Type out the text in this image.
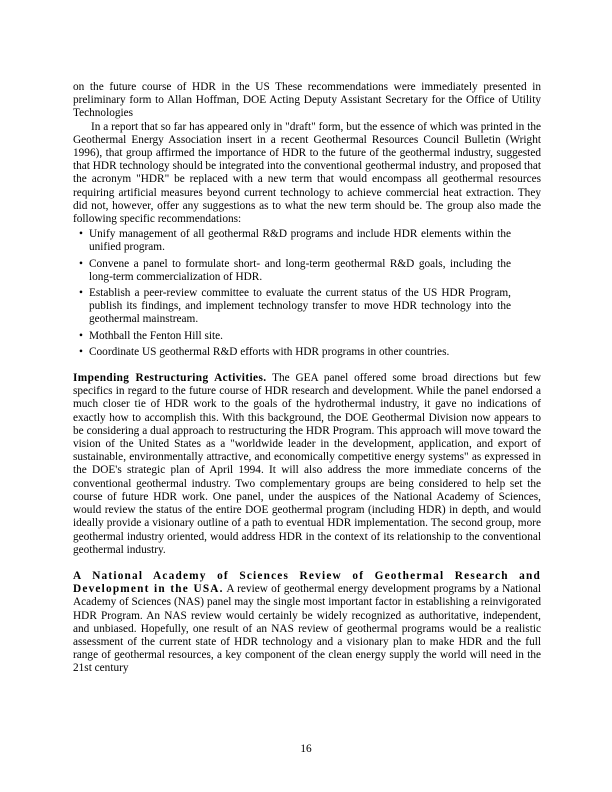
on the future course of HDR in the US These recommendations were immediately presented in preliminary form to Allan Hoffman, DOE Acting Deputy Assistant Secretary for the Office of Utility Technologies

In a report that so far has appeared only in "draft" form, but the essence of which was printed in the Geothermal Energy Association insert in a recent Geothermal Resources Council Bulletin (Wright 1996), that group affirmed the importance of HDR to the future of the geothermal industry, suggested that HDR technology should be integrated into the conventional geothermal industry, and proposed that the acronym "HDR" be replaced with a new term that would encompass all geothermal resources requiring artificial measures beyond current technology to achieve commercial heat extraction. They did not, however, offer any suggestions as to what the new term should be. The group also made the following specific recommendations:

• Unify management of all geothermal R&D programs and include HDR elements within the unified program.
• Convene a panel to formulate short- and long-term geothermal R&D goals, including the long-term commercialization of HDR.
• Establish a peer-review committee to evaluate the current status of the US HDR Program, publish its findings, and implement technology transfer to move HDR technology into the geothermal mainstream.
• Mothball the Fenton Hill site.
• Coordinate US geothermal R&D efforts with HDR programs in other countries.

Impending Restructuring Activities. The GEA panel offered some broad directions but few specifics in regard to the future course of HDR research and development. While the panel endorsed a much closer tie of HDR work to the goals of the hydrothermal industry, it gave no indications of exactly how to accomplish this. With this background, the DOE Geothermal Division now appears to be considering a dual approach to restructuring the HDR Program. This approach will move toward the vision of the United States as a "worldwide leader in the development, application, and export of sustainable, environmentally attractive, and economically competitive energy systems" as expressed in the DOE's strategic plan of April 1994. It will also address the more immediate concerns of the conventional geothermal industry. Two complementary groups are being considered to help set the course of future HDR work. One panel, under the auspices of the National Academy of Sciences, would review the status of the entire DOE geothermal program (including HDR) in depth, and would ideally provide a visionary outline of a path to eventual HDR implementation. The second group, more geothermal industry oriented, would address HDR in the context of its relationship to the conventional geothermal industry.

A National Academy of Sciences Review of Geothermal Research and Development in the USA. A review of geothermal energy development programs by a National Academy of Sciences (NAS) panel may the single most important factor in establishing a reinvigorated HDR Program. An NAS review would certainly be widely recognized as authoritative, independent, and unbiased. Hopefully, one result of an NAS review of geothermal programs would be a realistic assessment of the current state of HDR technology and a visionary plan to make HDR and the full range of geothermal resources, a key component of the clean energy supply the world will need in the 21st century

16
